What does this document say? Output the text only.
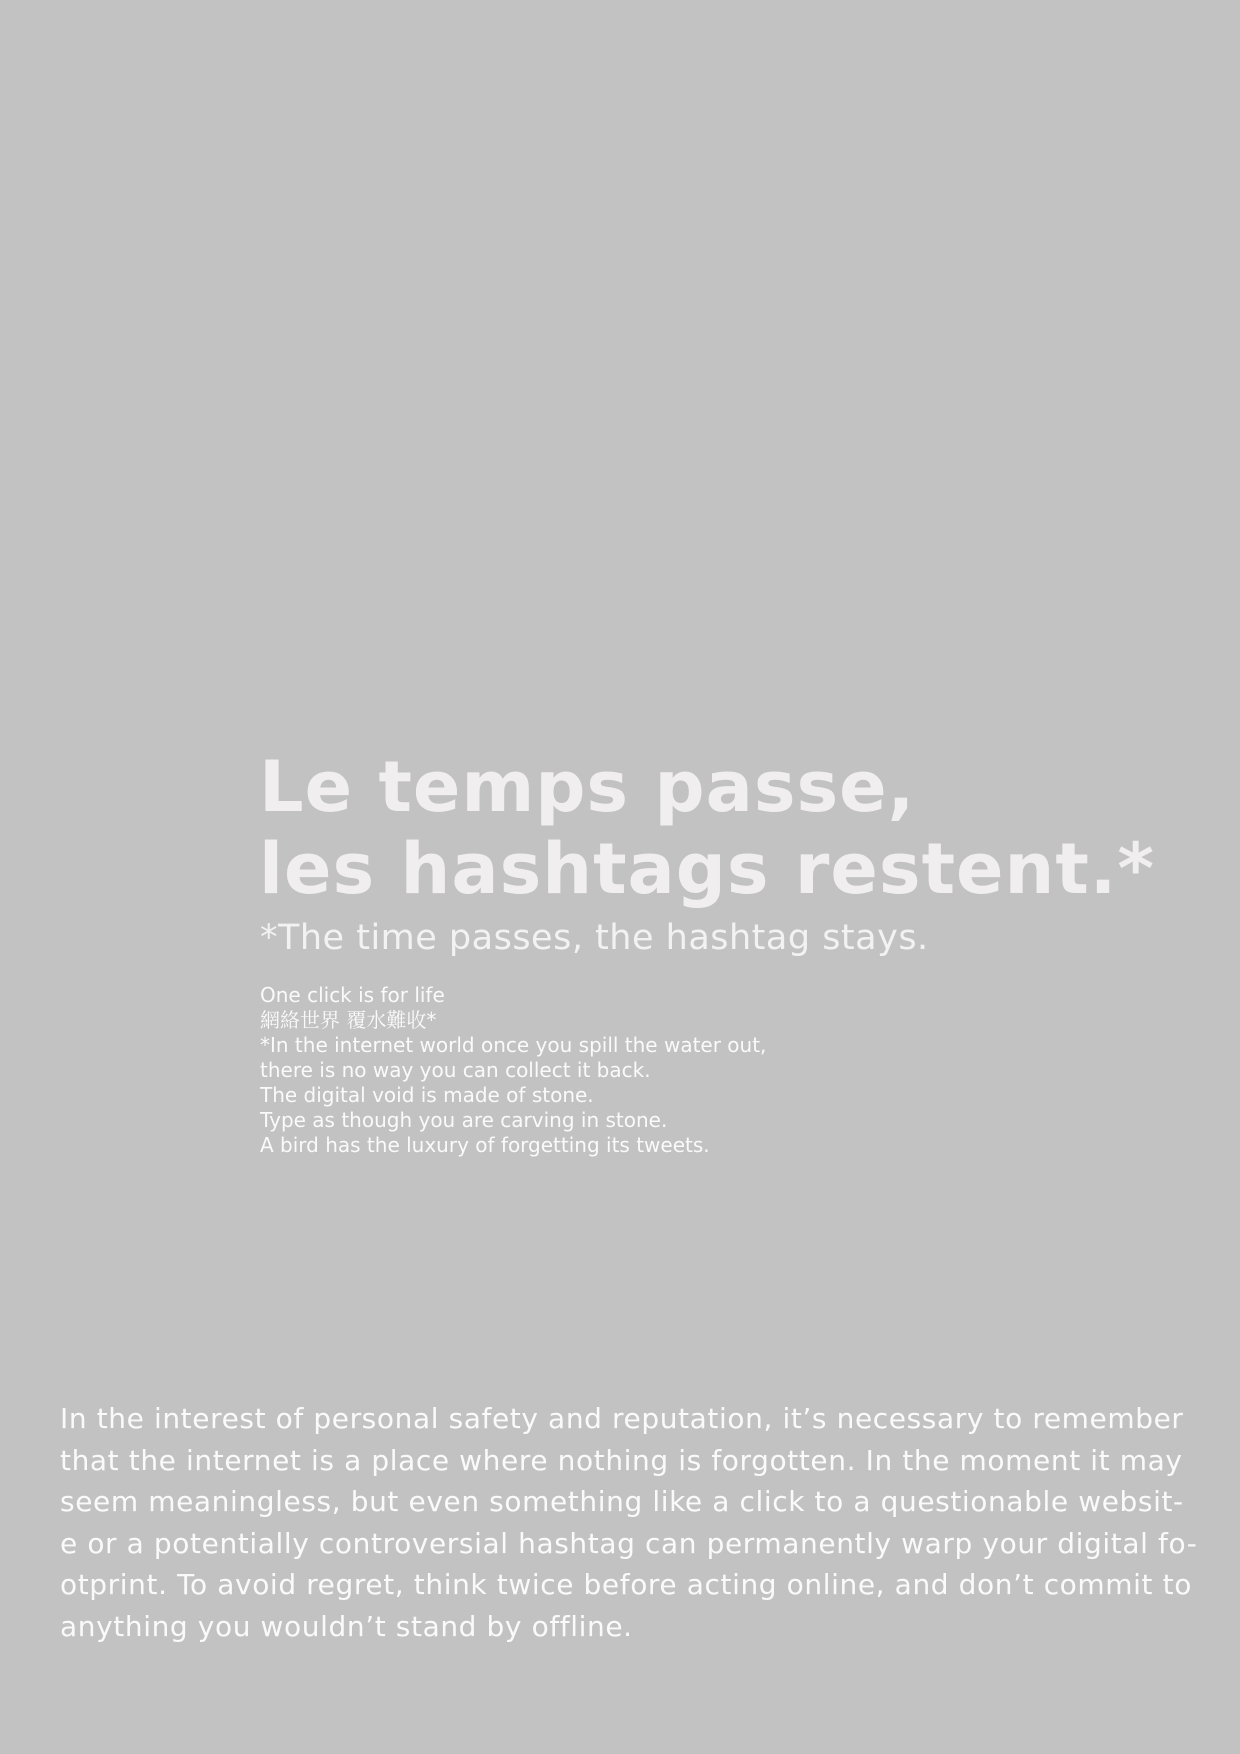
Le temps passe,
les hashtags restent.*
*The time passes, the hashtag stays.
One click is for life
網絡世界 覆水難收*
*In the internet world once you spill the water out,
there is no way you can collect it back.
The digital void is made of stone.
Type as though you are carving in stone.
A bird has the luxury of forgetting its tweets.
In the interest of personal safety and reputation, it’s necessary to remember
that the internet is a place where nothing is forgotten. In the moment it may
seem meaningless, but even something like a click to a questionable websit-
e or a potentially controversial hashtag can permanently warp your digital fo-
otprint. To avoid regret, think twice before acting online, and don’t commit to
anything you wouldn’t stand by offline.
